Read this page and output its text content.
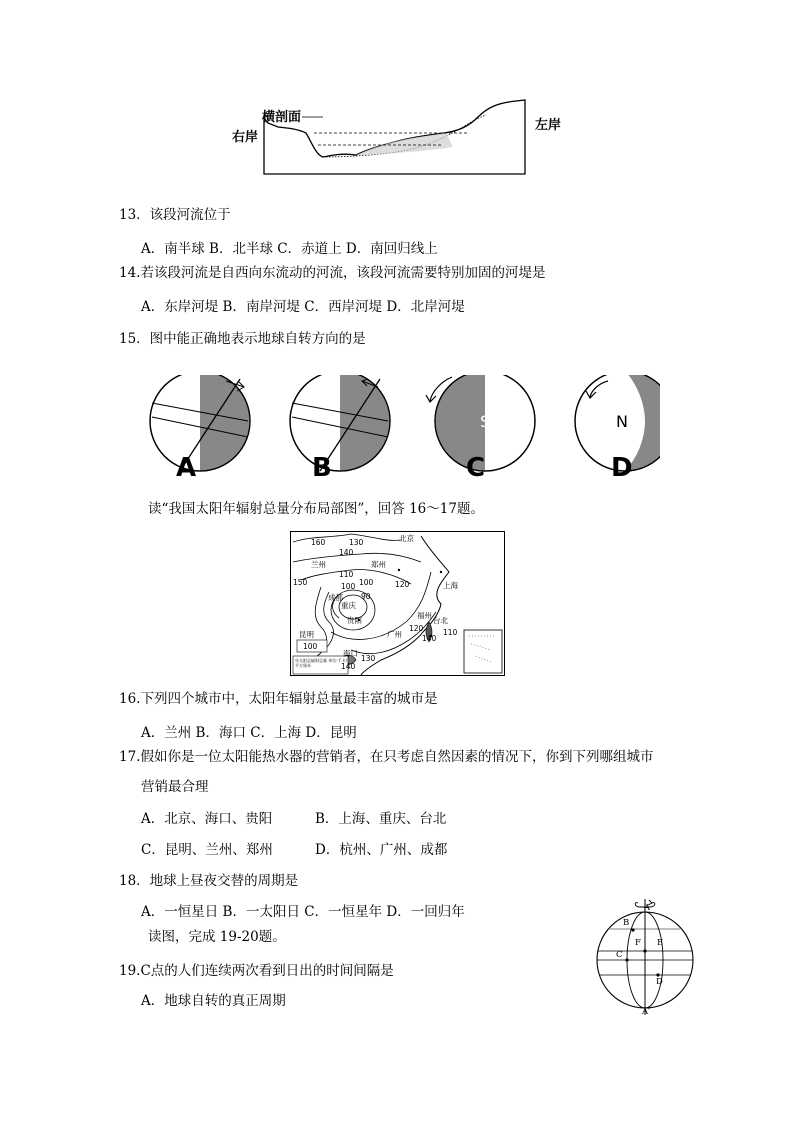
横剖面
右岸
左岸
13．该段河流位于
A．南半球 B．北半球 C．赤道上 D．南回归线上
14.若该段河流是自西向东流动的河流，该段河流需要特别加固的河堤是
A．东岸河堤 B．南岸河堤 C．西岸河堤 D．北岸河堤
15．图中能正确地表示地球自转方向的是
S	N
A	B	C	D
读“我国太阳年辐射总量分布局部图”，回答 16～17题。
北京
兰州	郑州
成都
重庆
贵阳
上海
福州
台北
广州
昆明
海口
160
140
130
150
110
100
90
120
140
100
130
140
120
100
110
年太阳总辐射总量 单位:千卡/平方厘米
16.下列四个城市中，太阳年辐射总量最丰富的城市是
A．兰州 B．海口 C．上海 D．昆明
17.假如你是一位太阳能热水器的营销者，在只考虑自然因素的情况下，你到下列哪组城市
营销最合理
A．北京、海口、贵阳	B．上海、重庆、台北
C．昆明、兰州、郑州	D．杭州、广州、成都
18．地球上昼夜交替的周期是
A．一恒星日 B．一太阳日 C．一恒星年 D．一回归年
读图，完成 19-20题。
19.C点的人们连续两次看到日出的时间间隔是
A．地球自转的真正周期
A
B
F E
C
D
A′
